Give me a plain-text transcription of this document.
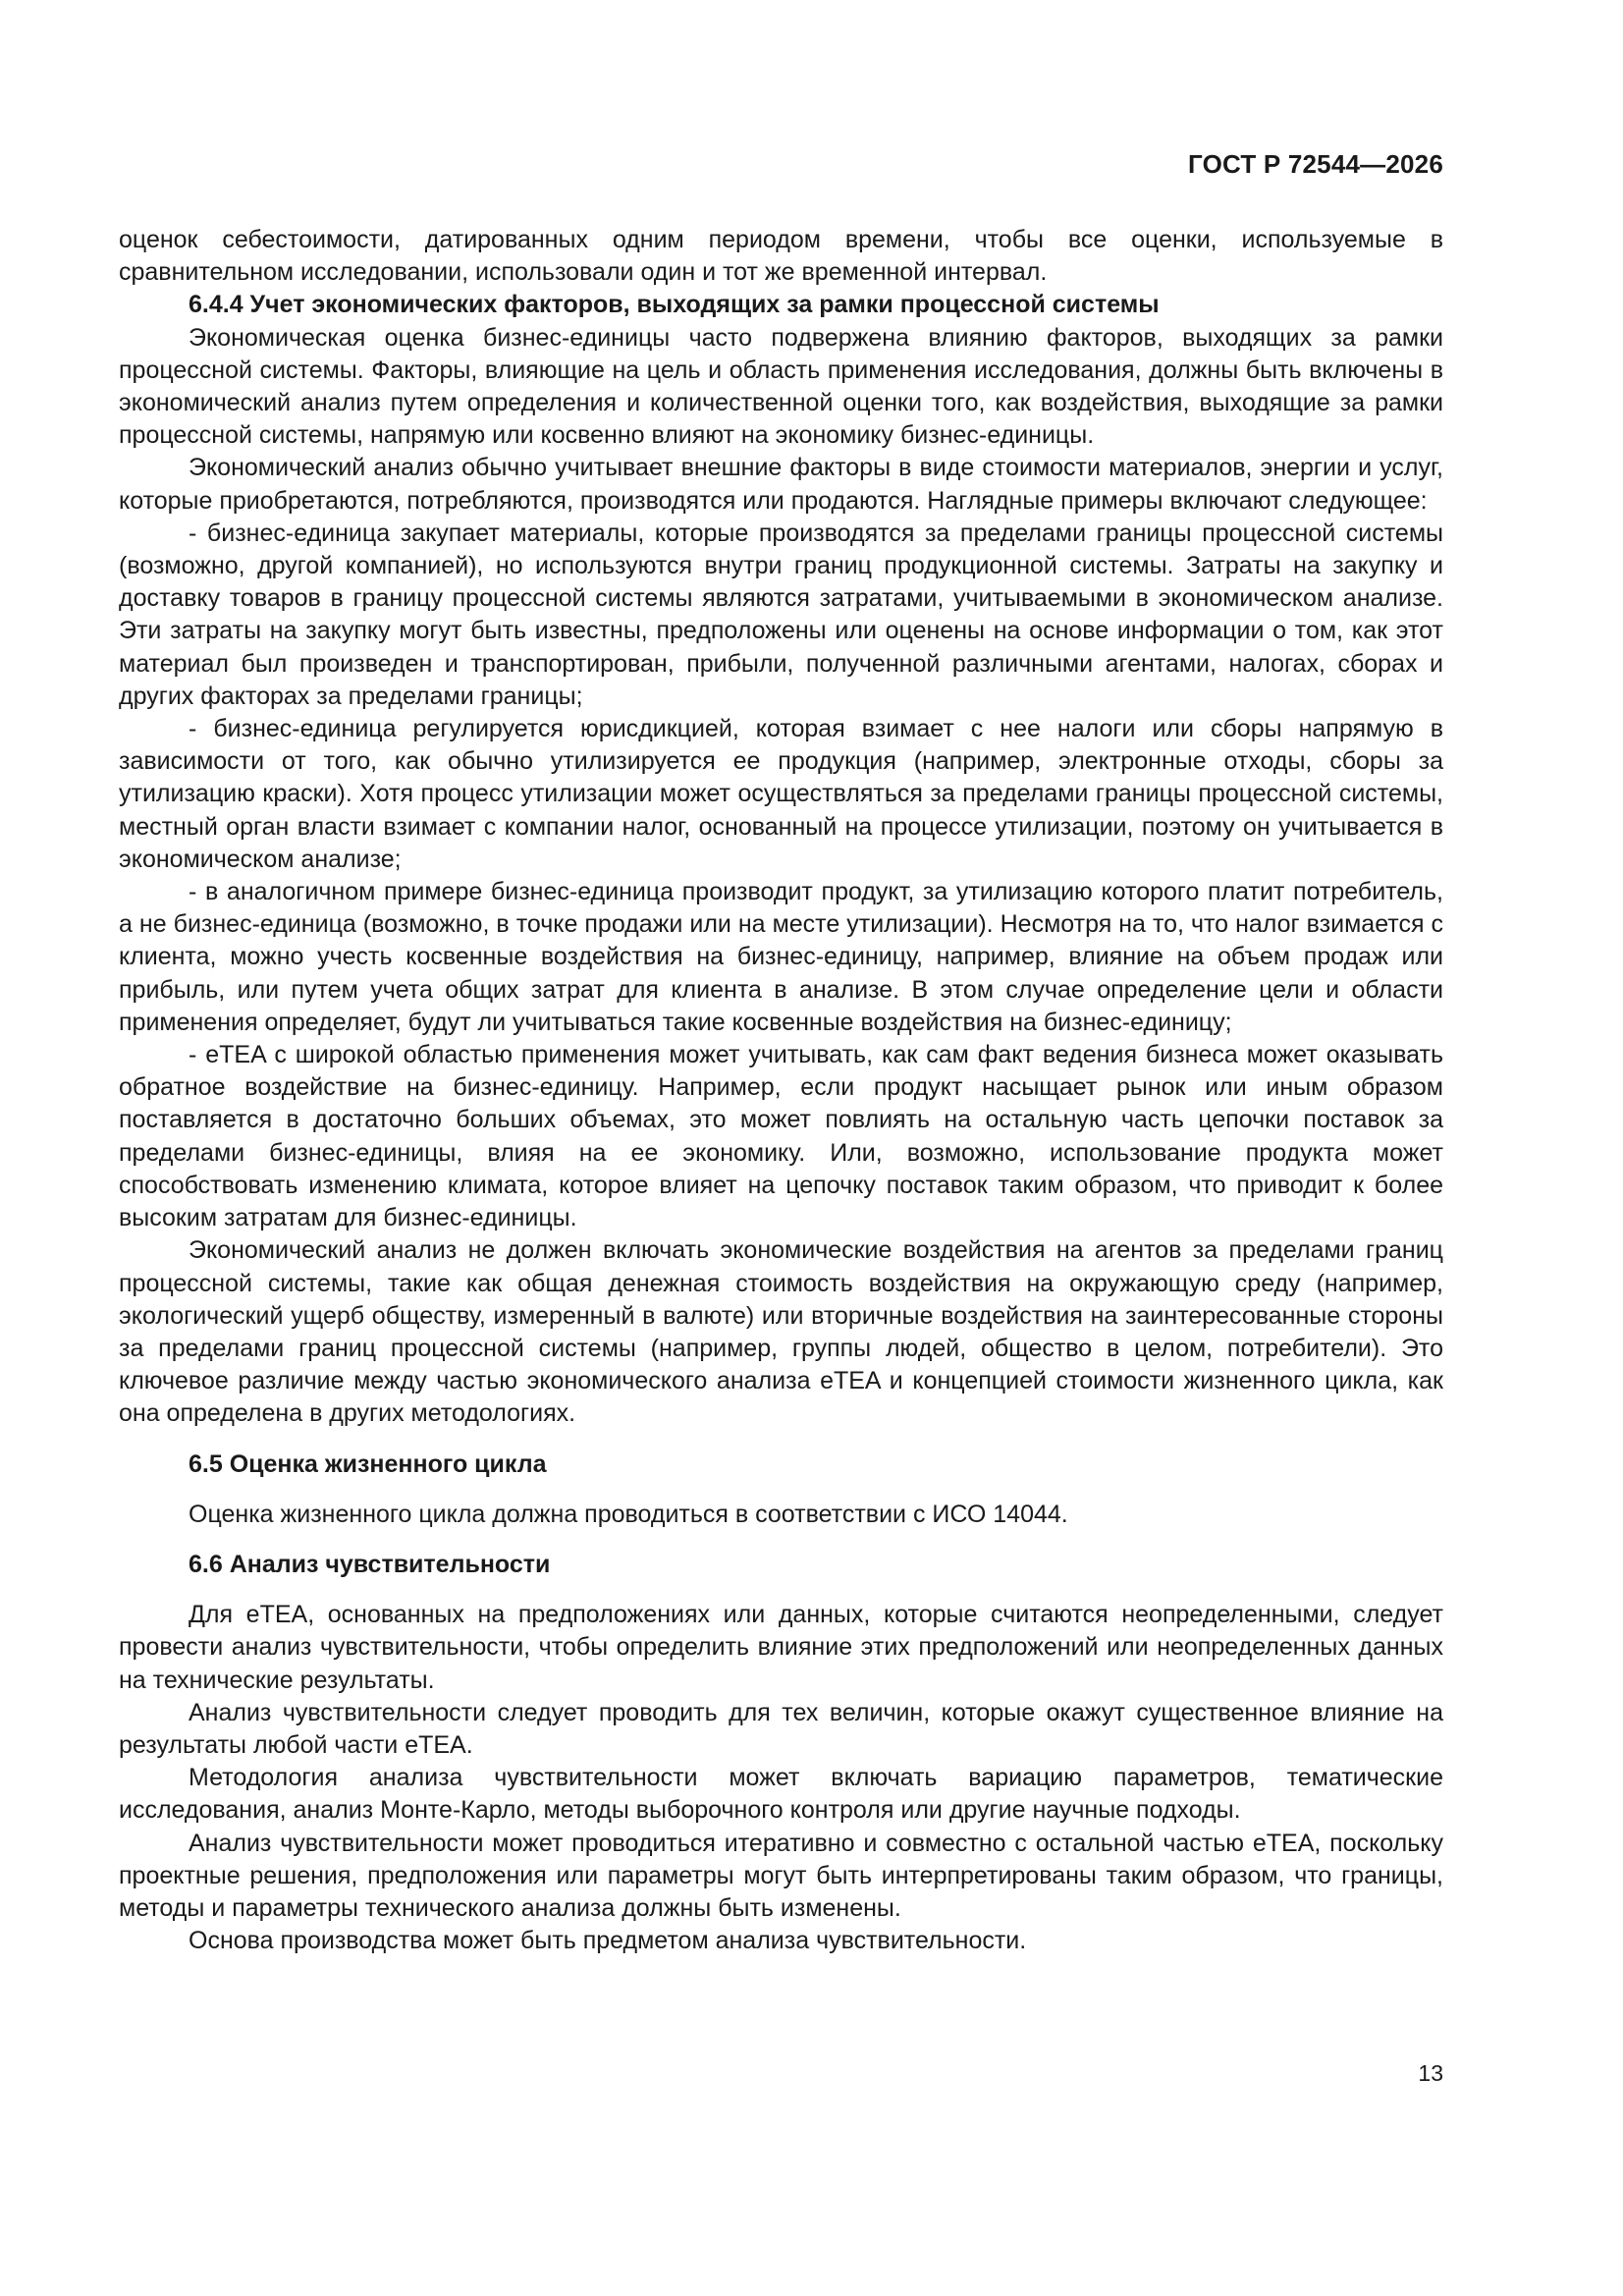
ГОСТ Р 72544—2026

оценок себестоимости, датированных одним периодом времени, чтобы все оценки, используемые в сравнительном исследовании, использовали один и тот же временной интервал.

6.4.4 Учет экономических факторов, выходящих за рамки процессной системы

Экономическая оценка бизнес-единицы часто подвержена влиянию факторов, выходящих за рамки процессной системы. Факторы, влияющие на цель и область применения исследования, должны быть включены в экономический анализ путем определения и количественной оценки того, как воздействия, выходящие за рамки процессной системы, напрямую или косвенно влияют на экономику бизнес-единицы.

Экономический анализ обычно учитывает внешние факторы в виде стоимости материалов, энергии и услуг, которые приобретаются, потребляются, производятся или продаются. Наглядные примеры включают следующее:

- бизнес-единица закупает материалы, которые производятся за пределами границы процессной системы (возможно, другой компанией), но используются внутри границ продукционной системы. Затраты на закупку и доставку товаров в границу процессной системы являются затратами, учитываемыми в экономическом анализе. Эти затраты на закупку могут быть известны, предположены или оценены на основе информации о том, как этот материал был произведен и транспортирован, прибыли, полученной различными агентами, налогах, сборах и других факторах за пределами границы;

- бизнес-единица регулируется юрисдикцией, которая взимает с нее налоги или сборы напрямую в зависимости от того, как обычно утилизируется ее продукция (например, электронные отходы, сборы за утилизацию краски). Хотя процесс утилизации может осуществляться за пределами границы процессной системы, местный орган власти взимает с компании налог, основанный на процессе утилизации, поэтому он учитывается в экономическом анализе;

- в аналогичном примере бизнес-единица производит продукт, за утилизацию которого платит потребитель, а не бизнес-единица (возможно, в точке продажи или на месте утилизации). Несмотря на то, что налог взимается с клиента, можно учесть косвенные воздействия на бизнес-единицу, например, влияние на объем продаж или прибыль, или путем учета общих затрат для клиента в анализе. В этом случае определение цели и области применения определяет, будут ли учитываться такие косвенные воздействия на бизнес-единицу;

- eTEA с широкой областью применения может учитывать, как сам факт ведения бизнеса может оказывать обратное воздействие на бизнес-единицу. Например, если продукт насыщает рынок или иным образом поставляется в достаточно больших объемах, это может повлиять на остальную часть цепочки поставок за пределами бизнес-единицы, влияя на ее экономику. Или, возможно, использование продукта может способствовать изменению климата, которое влияет на цепочку поставок таким образом, что приводит к более высоким затратам для бизнес-единицы.

Экономический анализ не должен включать экономические воздействия на агентов за пределами границ процессной системы, такие как общая денежная стоимость воздействия на окружающую среду (например, экологический ущерб обществу, измеренный в валюте) или вторичные воздействия на заинтересованные стороны за пределами границ процессной системы (например, группы людей, общество в целом, потребители). Это ключевое различие между частью экономического анализа eTEA и концепцией стоимости жизненного цикла, как она определена в других методологиях.

6.5 Оценка жизненного цикла

Оценка жизненного цикла должна проводиться в соответствии с ИСО 14044.

6.6 Анализ чувствительности

Для eTEA, основанных на предположениях или данных, которые считаются неопределенными, следует провести анализ чувствительности, чтобы определить влияние этих предположений или неопределенных данных на технические результаты.

Анализ чувствительности следует проводить для тех величин, которые окажут существенное влияние на результаты любой части eTEA.

Методология анализа чувствительности может включать вариацию параметров, тематические исследования, анализ Монте-Карло, методы выборочного контроля или другие научные подходы.

Анализ чувствительности может проводиться итеративно и совместно с остальной частью eTEA, поскольку проектные решения, предположения или параметры могут быть интерпретированы таким образом, что границы, методы и параметры технического анализа должны быть изменены.

Основа производства может быть предметом анализа чувствительности.

13
